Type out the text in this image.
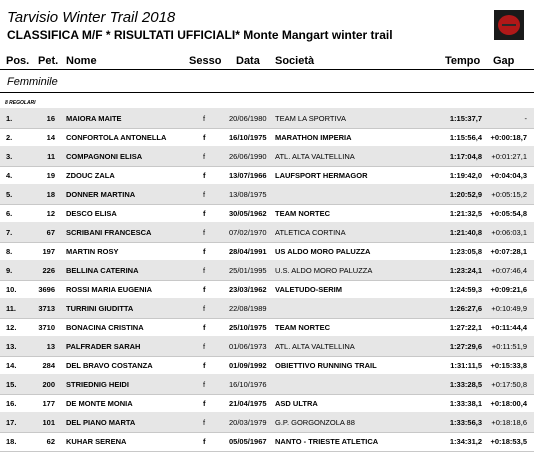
Tarvisio Winter Trail 2018
CLASSIFICA M/F * RISULTATI UFFICIALI* Monte Mangart winter trail
Pos. Pet. Nome	Sesso Data Società	Tempo Gap
Femminile
8 REGOLARI
1.	16 MAIORA MAITE	f	20/06/1980 TEAM LA SPORTIVA	1:15:37,7	-
2.	14 CONFORTOLA ANTONELLA	f	16/10/1975 MARATHON IMPERIA	1:15:56,4	+0:00:18,7
3.	11 COMPAGNONI ELISA	f	26/06/1990 ATL. ALTA VALTELLINA	1:17:04,8	+0:01:27,1
4.	19 ZDOUC ZALA	f	13/07/1966 LAUFSPORT HERMAGOR	1:19:42,0	+0:04:04,3
5.	18 DONNER MARTINA	f	13/08/1975	1:20:52,9	+0:05:15,2
6.	12 DESCO ELISA	f	30/05/1962 TEAM NORTEC	1:21:32,5	+0:05:54,8
7.	67 SCRIBANI FRANCESCA	f	07/02/1970 ATLETICA CORTINA	1:21:40,8	+0:06:03,1
8.	197 MARTIN ROSY	f	28/04/1991 US ALDO MORO PALUZZA	1:23:05,8	+0:07:28,1
9.	226 BELLINA CATERINA	f	25/01/1995 U.S. ALDO MORO PALUZZA	1:23:24,1	+0:07:46,4
10.	3696 ROSSI MARIA EUGENIA	f	23/03/1962 VALETUDO-SERIM	1:24:59,3	+0:09:21,6
11.	3713 TURRINI GIUDITTA	f	22/08/1989	1:26:27,6	+0:10:49,9
12.	3710 BONACINA CRISTINA	f	25/10/1975 TEAM NORTEC	1:27:22,1	+0:11:44,4
13.	13 PALFRADER SARAH	f	01/06/1973 ATL. ALTA VALTELLINA	1:27:29,6	+0:11:51,9
14.	284 DEL BRAVO COSTANZA	f	01/09/1992 OBIETTIVO RUNNING TRAIL	1:31:11,5	+0:15:33,8
15.	200 STRIEDNIG HEIDI	f	16/10/1976	1:33:28,5	+0:17:50,8
16.	177 DE MONTE MONIA	f	21/04/1975 ASD ULTRA	1:33:38,1	+0:18:00,4
17.	101 DEL PIANO MARTA	f	20/03/1979 G.P. GORGONZOLA 88	1:33:56,3	+0:18:18,6
18.	62 KUHAR SERENA	f	05/05/1967 NANTO - TRIESTE ATLETICA	1:34:31,2	+0:18:53,5
